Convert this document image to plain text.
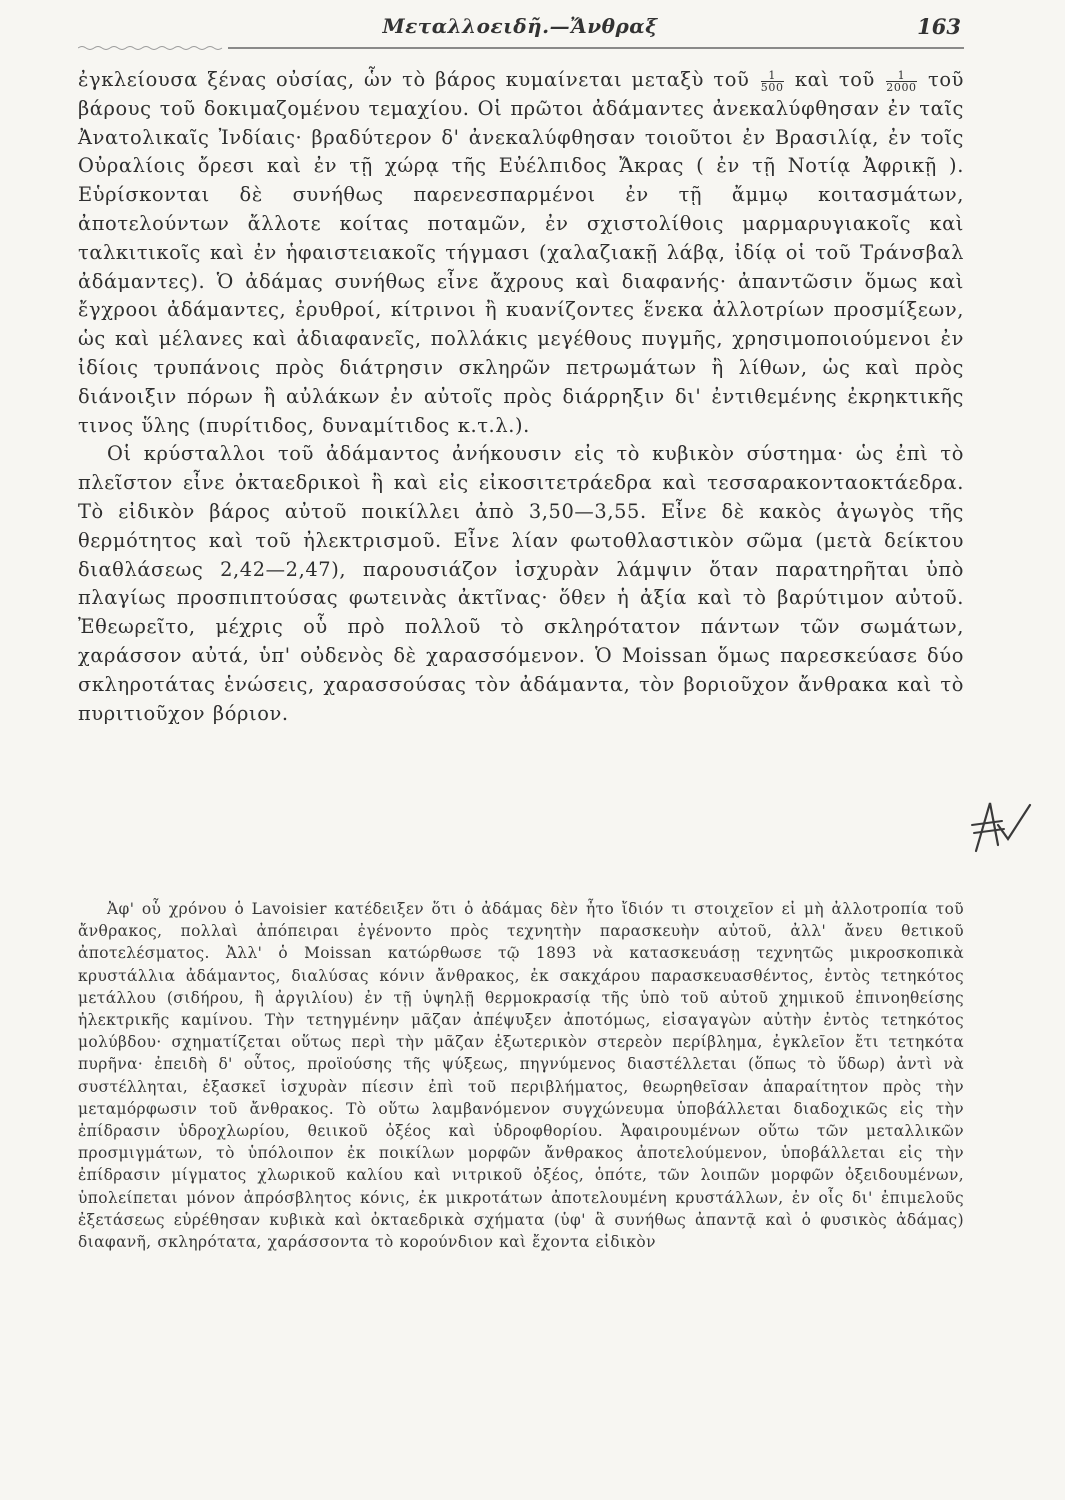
Μεταλλοειδῆ.—Ἄνθραξ	163

ἐγκλείουσα ξένας οὐσίας, ὧν τὸ βάρος κυμαίνεται μεταξὺ τοῦ $\frac{1}{500}$ καὶ τοῦ $\frac{1}{2000}$ τοῦ βάρους τοῦ δοκιμαζομένου τεμαχίου. Οἱ πρῶτοι ἀδάμαντες ἀνεκαλύφθησαν ἐν ταῖς Ἀνατολικαῖς Ἰνδίαις· βραδύτερον δ' ἀνεκαλύφθησαν τοιοῦτοι ἐν Βρασιλίᾳ, ἐν τοῖς Οὐραλίοις ὄρεσι καὶ ἐν τῇ χώρᾳ τῆς Εὐέλπιδος Ἄκρας ( ἐν τῇ Νοτίᾳ Ἀφρικῇ ). Εὑρίσκονται δὲ συνήθως παρενεσπαρμένοι ἐν τῇ ἄμμῳ κοιτασμάτων, ἀποτελούντων ἄλλοτε κοίτας ποταμῶν, ἐν σχιστολίθοις μαρμαρυγιακοῖς καὶ ταλκιτικοῖς καὶ ἐν ἡφαιστειακοῖς τήγμασι (χαλαζιακῇ λάβᾳ, ἰδίᾳ οἱ τοῦ Τράνσβαλ ἀδάμαντες). Ὁ ἀδάμας συνήθως εἶνε ἄχρους καὶ διαφανής· ἀπαντῶσιν ὅμως καὶ ἔγχροοι ἀδάμαντες, ἐρυθροί, κίτρινοι ἢ κυανίζοντες ἕνεκα ἀλλοτρίων προσμίξεων, ὡς καὶ μέλανες καὶ ἀδιαφανεῖς, πολλάκις μεγέθους πυγμῆς, χρησιμοποιούμενοι ἐν ἰδίοις τρυπάνοις πρὸς διάτρησιν σκληρῶν πετρωμάτων ἢ λίθων, ὡς καὶ πρὸς διάνοιξιν πόρων ἢ αὐλάκων ἐν αὐτοῖς πρὸς διάρρηξιν δι' ἐντιθεμένης ἐκρηκτικῆς τινος ὕλης (πυρίτιδος, δυναμίτιδος κ.τ.λ.).

Οἱ κρύσταλλοι τοῦ ἀδάμαντος ἀνήκουσιν εἰς τὸ κυβικὸν σύστημα· ὡς ἐπὶ τὸ πλεῖστον εἶνε ὀκταεδρικοὶ ἢ καὶ εἰς εἰκοσιτετράεδρα καὶ τεσσαρακονταοκτάεδρα. Τὸ εἰδικὸν βάρος αὐτοῦ ποικίλλει ἀπὸ 3,50—3,55. Εἶνε δὲ κακὸς ἀγωγὸς τῆς θερμότητος καὶ τοῦ ἠλεκτρισμοῦ. Εἶνε λίαν φωτοθλαστικὸν σῶμα (μετὰ δείκτου διαθλάσεως 2,42—2,47), παρουσιάζον ἰσχυρὰν λάμψιν ὅταν παρατηρῆται ὑπὸ πλαγίως προσπιπτούσας φωτεινὰς ἀκτῖνας· ὅθεν ἡ ἀξία καὶ τὸ βαρύτιμον αὐτοῦ. Ἐθεωρεῖτο, μέχρις οὗ πρὸ πολλοῦ τὸ σκληρότατον πάντων τῶν σωμάτων, χαράσσον αὐτά, ὑπ' οὐδενὸς δὲ χαρασσόμενον. Ὁ Moissan ὅμως παρεσκεύασε δύο σκληροτάτας ἑνώσεις, χαρασσούσας τὸν ἀδάμαντα, τὸν βοριοῦχον ἄνθρακα καὶ τὸ πυριτιοῦχον βόριον.

Ἀφ' οὗ χρόνου ὁ Lavoisier κατέδειξεν ὅτι ὁ ἀδάμας δὲν ἦτο ἴδιόν τι στοιχεῖον εἰ μὴ ἀλλοτροπία τοῦ ἄνθρακος, πολλαὶ ἀπόπειραι ἐγένοντο πρὸς τεχνητὴν παρασκευὴν αὐτοῦ, ἀλλ' ἄνευ θετικοῦ ἀποτελέσματος. Ἀλλ' ὁ Moissan κατώρθωσε τῷ 1893 νὰ κατασκευάσῃ τεχνητῶς μικροσκοπικὰ κρυστάλλια ἀδάμαντος, διαλύσας κόνιν ἄνθρακος, ἐκ σακχάρου παρασκευασθέντος, ἐντὸς τετηκότος μετάλλου (σιδήρου, ἢ ἀργιλίου) ἐν τῇ ὑψηλῇ θερμοκρασίᾳ τῆς ὑπὸ τοῦ αὐτοῦ χημικοῦ ἐπινοηθείσης ἠλεκτρικῆς καμίνου. Τὴν τετηγμένην μᾶζαν ἀπέψυξεν ἀποτόμως, εἰσαγαγὼν αὐτὴν ἐντὸς τετηκότος μολύβδου· σχηματίζεται οὕτως περὶ τὴν μᾶζαν ἐξωτερικὸν στερεὸν περίβλημα, ἐγκλεῖον ἔτι τετηκότα πυρῆνα· ἐπειδὴ δ' οὗτος, προϊούσης τῆς ψύξεως, πηγνύμενος διαστέλλεται (ὅπως τὸ ὕδωρ) ἀντὶ νὰ συστέλληται, ἐξασκεῖ ἰσχυρὰν πίεσιν ἐπὶ τοῦ περιβλήματος, θεωρηθεῖσαν ἀπαραίτητον πρὸς τὴν μεταμόρφωσιν τοῦ ἄνθρακος. Τὸ οὕτω λαμβανόμενον συγχώνευμα ὑποβάλλεται διαδοχικῶς εἰς τὴν ἐπίδρασιν ὑδροχλωρίου, θειικοῦ ὀξέος καὶ ὑδροφθορίου. Ἀφαιρουμένων οὕτω τῶν μεταλλικῶν προσμιγμάτων, τὸ ὑπόλοιπον ἐκ ποικίλων μορφῶν ἄνθρακος ἀποτελούμενον, ὑποβάλλεται εἰς τὴν ἐπίδρασιν μίγματος χλωρικοῦ καλίου καὶ νιτρικοῦ ὀξέος, ὁπότε, τῶν λοιπῶν μορφῶν ὀξειδουμένων, ὑπολείπεται μόνον ἀπρόσβλητος κόνις, ἐκ μικροτάτων ἀποτελουμένη κρυστάλλων, ἐν οἷς δι' ἐπιμελοῦς ἐξετάσεως εὑρέθησαν κυβικὰ καὶ ὀκταεδρικὰ σχήματα (ὑφ' ἃ συνήθως ἀπαντᾷ καὶ ὁ φυσικὸς ἀδάμας) διαφανῆ, σκληρότατα, χαράσσοντα τὸ κορούνδιον καὶ ἔχοντα εἰδικὸν
